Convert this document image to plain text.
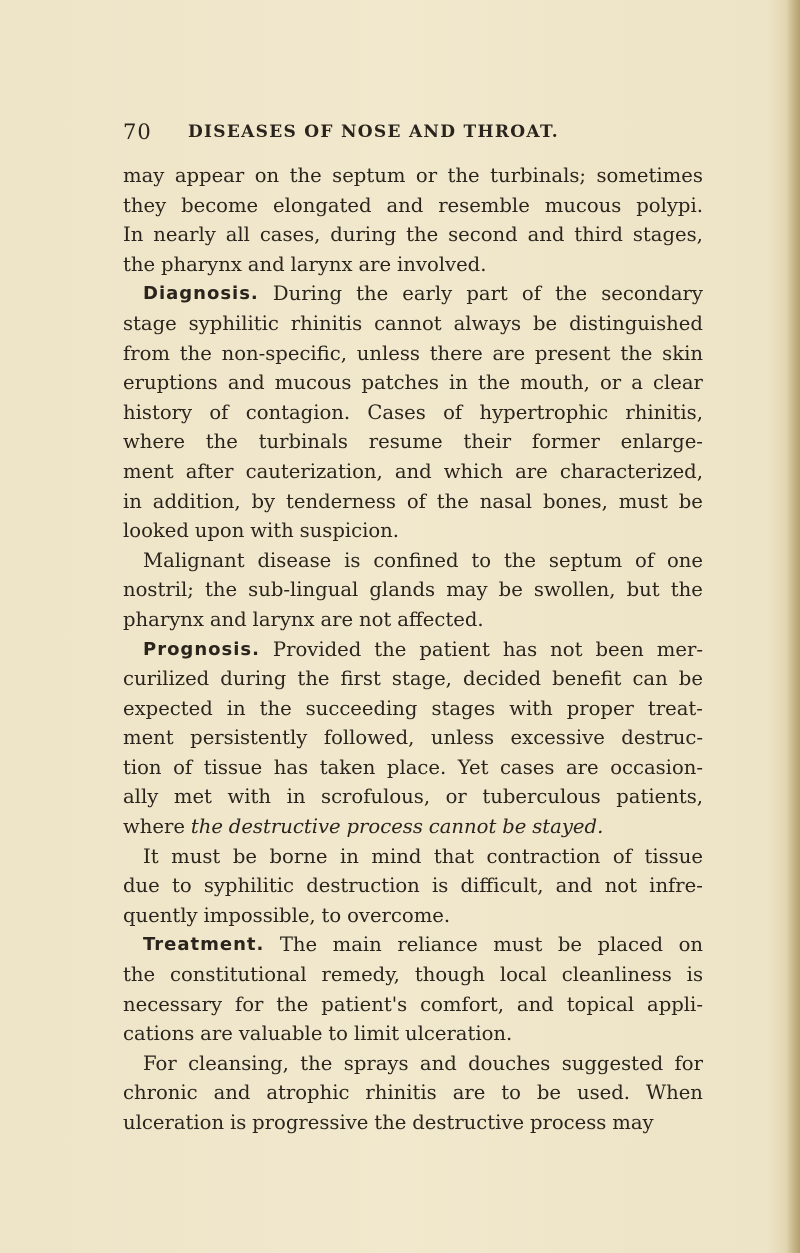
70 DISEASES OF NOSE AND THROAT.
may appear on the septum or the turbinals; sometimes
they become elongated and resemble mucous polypi.
In nearly all cases, during the second and third stages,
the pharynx and larynx are involved.
Diagnosis. During the early part of the secondary
stage syphilitic rhinitis cannot always be distinguished
from the non-specific, unless there are present the skin
eruptions and mucous patches in the mouth, or a clear
history of contagion. Cases of hypertrophic rhinitis,
where the turbinals resume their former enlarge-
ment after cauterization, and which are characterized,
in addition, by tenderness of the nasal bones, must be
looked upon with suspicion.
Malignant disease is confined to the septum of one
nostril; the sub-lingual glands may be swollen, but the
pharynx and larynx are not affected.
Prognosis. Provided the patient has not been mer-
curilized during the first stage, decided benefit can be
expected in the succeeding stages with proper treat-
ment persistently followed, unless excessive destruc-
tion of tissue has taken place. Yet cases are occasion-
ally met with in scrofulous, or tuberculous patients,
where the destructive process cannot be stayed.
It must be borne in mind that contraction of tissue
due to syphilitic destruction is difficult, and not infre-
quently impossible, to overcome.
Treatment. The main reliance must be placed on
the constitutional remedy, though local cleanliness is
necessary for the patient's comfort, and topical appli-
cations are valuable to limit ulceration.
For cleansing, the sprays and douches suggested for
chronic and atrophic rhinitis are to be used. When
ulceration is progressive the destructive process may
